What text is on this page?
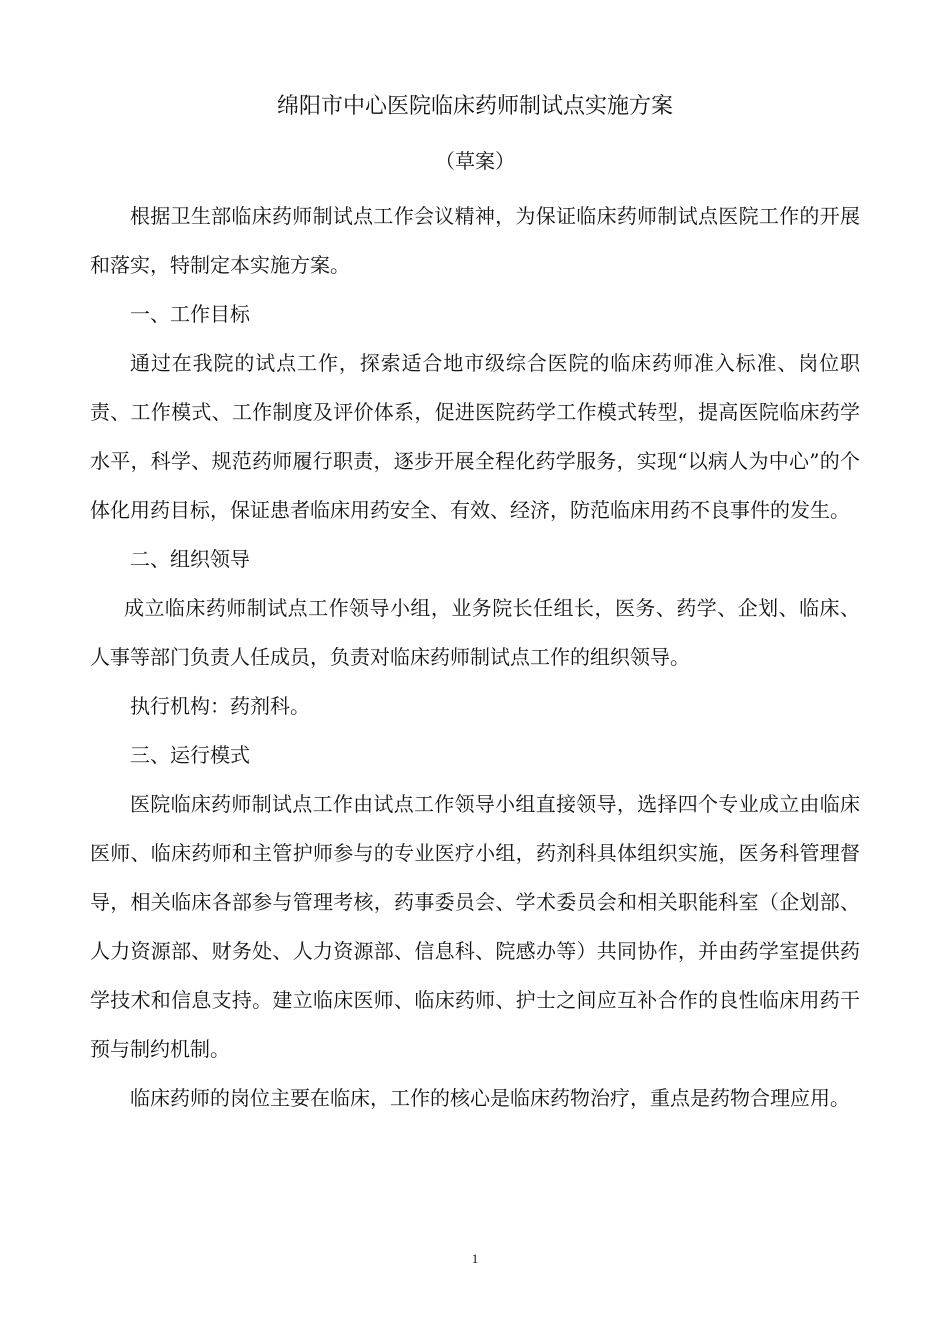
绵阳市中心医院临床药师制试点实施方案
（草案）

根据卫生部临床药师制试点工作会议精神，为保证临床药师制试点医院工作的开展和落实，特制定本实施方案。

一、工作目标

通过在我院的试点工作，探索适合地市级综合医院的临床药师准入标准、岗位职责、工作模式、工作制度及评价体系，促进医院药学工作模式转型，提高医院临床药学水平，科学、规范药师履行职责，逐步开展全程化药学服务，实现“以病人为中心”的个体化用药目标，保证患者临床用药安全、有效、经济，防范临床用药不良事件的发生。

二、组织领导

成立临床药师制试点工作领导小组，业务院长任组长，医务、药学、企划、临床、人事等部门负责人任成员，负责对临床药师制试点工作的组织领导。

执行机构：药剂科。

三、运行模式

医院临床药师制试点工作由试点工作领导小组直接领导，选择四个专业成立由临床医师、临床药师和主管护师参与的专业医疗小组，药剂科具体组织实施，医务科管理督导，相关临床各部参与管理考核，药事委员会、学术委员会和相关职能科室（企划部、人力资源部、财务处、人力资源部、信息科、院感办等）共同协作，并由药学室提供药学技术和信息支持。建立临床医师、临床药师、护士之间应互补合作的良性临床用药干预与制约机制。

临床药师的岗位主要在临床，工作的核心是临床药物治疗，重点是药物合理应用。

1
